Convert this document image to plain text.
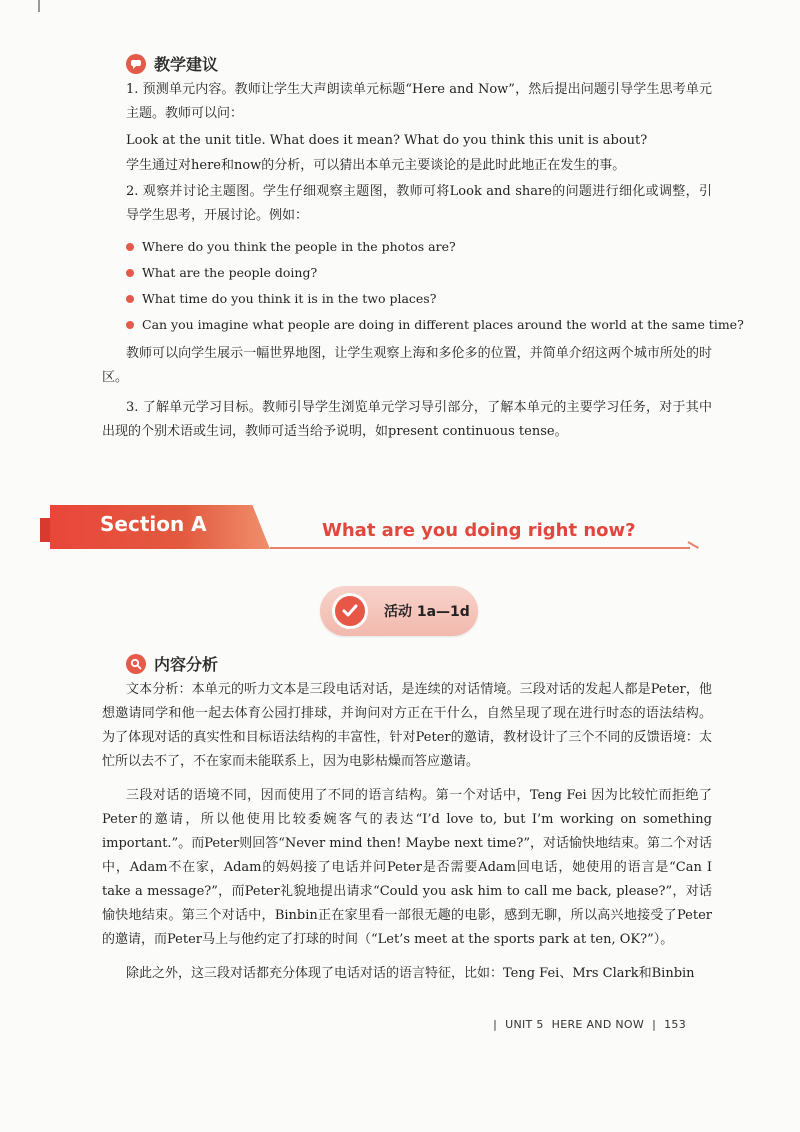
教学建议
1. 预测单元内容。教师让学生大声朗读单元标题“Here and Now”，然后提出问题引导学生思考单元主题。教师可以问：
Look at the unit title. What does it mean? What do you think this unit is about?
学生通过对here和now的分析，可以猜出本单元主要谈论的是此时此地正在发生的事。
2. 观察并讨论主题图。学生仔细观察主题图，教师可将Look and share的问题进行细化或调整，引导学生思考，开展讨论。例如：
Where do you think the people in the photos are?
What are the people doing?
What time do you think it is in the two places?
Can you imagine what people are doing in different places around the world at the same time?
教师可以向学生展示一幅世界地图，让学生观察上海和多伦多的位置，并简单介绍这两个城市所处的时区。
3. 了解单元学习目标。教师引导学生浏览单元学习导引部分，了解本单元的主要学习任务，对于其中出现的个别术语或生词，教师可适当给予说明，如present continuous tense。
Section A	What are you doing right now?
活动 1a—1d
内容分析
文本分析：本单元的听力文本是三段电话对话，是连续的对话情境。三段对话的发起人都是Peter，他想邀请同学和他一起去体育公园打排球，并询问对方正在干什么，自然呈现了现在进行时态的语法结构。为了体现对话的真实性和目标语法结构的丰富性，针对Peter的邀请，教材设计了三个不同的反馈语境：太忙所以去不了，不在家而未能联系上，因为电影枯燥而答应邀请。
三段对话的语境不同，因而使用了不同的语言结构。第一个对话中，Teng Fei 因为比较忙而拒绝了Peter的邀请，所以他使用比较委婉客气的表达“I’d love to, but I’m working on something important.”。而Peter则回答“Never mind then! Maybe next time?”，对话愉快地结束。第二个对话中，Adam不在家，Adam的妈妈接了电话并问Peter是否需要Adam回电话，她使用的语言是“Can I take a message?”，而Peter礼貌地提出请求“Could you ask him to call me back, please?”，对话愉快地结束。第三个对话中，Binbin正在家里看一部很无趣的电影，感到无聊，所以高兴地接受了Peter的邀请，而Peter马上与他约定了打球的时间（“Let’s meet at the sports park at ten, OK?”）。
除此之外，这三段对话都充分体现了电话对话的语言特征，比如：Teng Fei、Mrs Clark和Binbin
| UNIT 5 HERE AND NOW | 153
